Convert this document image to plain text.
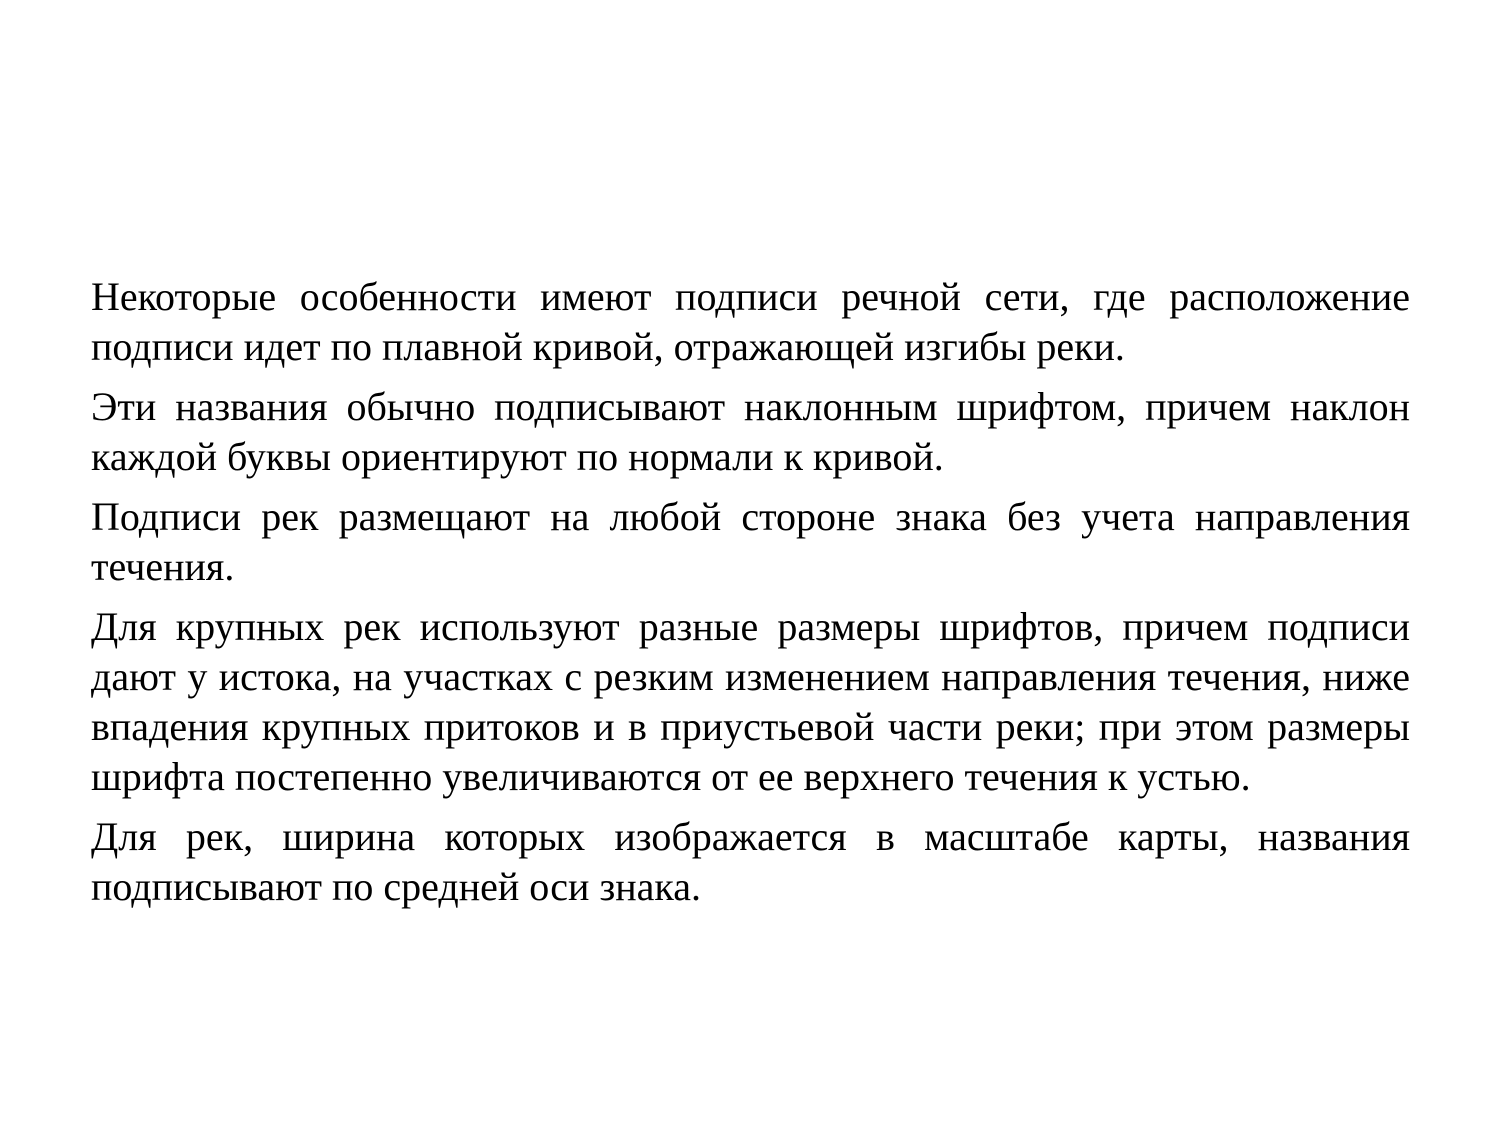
Некоторые особенности имеют подписи речной сети, где расположение подписи идет по плавной кривой, отражающей изгибы реки.

Эти названия обычно подписывают наклонным шрифтом, причем наклон каждой буквы ориентируют по нормали к кривой.

Подписи рек размещают на любой стороне знака без учета направления течения.

Для крупных рек используют разные размеры шрифтов, причем подписи дают у истока, на участках с резким изменением направления течения, ниже впадения крупных притоков и в приустьевой части реки; при этом размеры шрифта постепенно увеличиваются от ее верхнего течения к устью.

Для рек, ширина которых изображается в масштабе карты, названия подписывают по средней оси знака.
